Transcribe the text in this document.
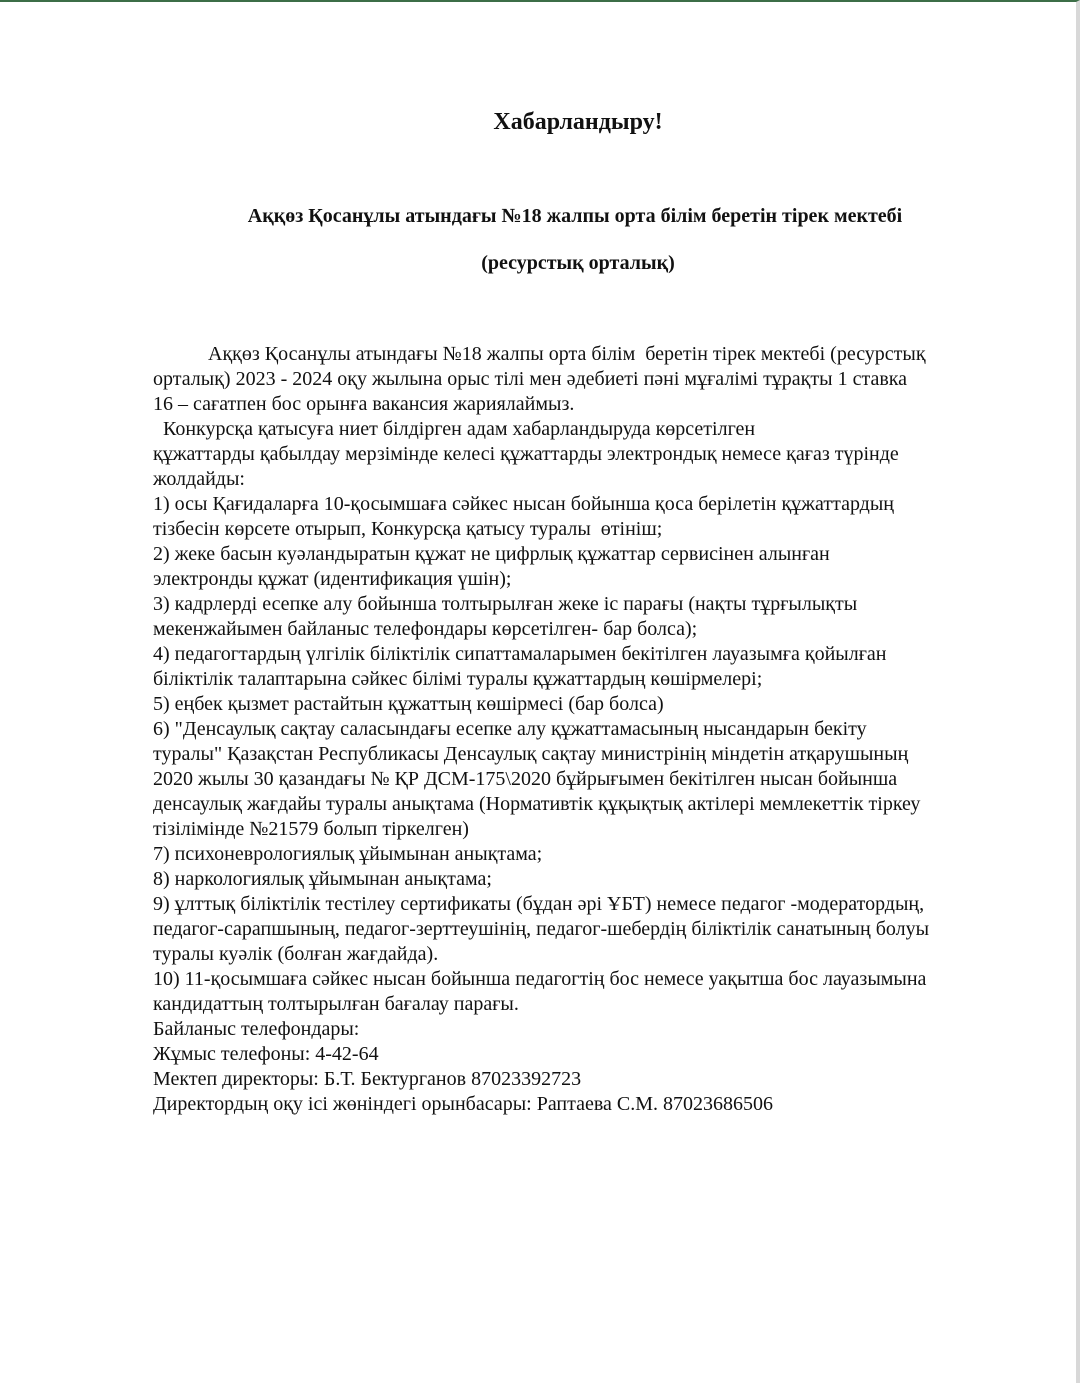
Хабарландыру!
Аққөз Қосанұлы атындағы №18 жалпы орта білім беретін тірек мектебі
(ресурстық орталық)
Аққөз Қосанұлы атындағы №18 жалпы орта білім  беретін тірек мектебі (ресурстық
орталық) 2023 - 2024 оқу жылына орыс тілі мен әдебиеті пәні мұғалімі тұрақты 1 ставка
16 – сағатпен бос орынға вакансия жариялаймыз.
Конкурсқа қатысуға ниет білдірген адам хабарландыруда көрсетілген
құжаттарды қабылдау мерзімінде келесі құжаттарды электрондық немесе қағаз түрінде
жолдайды:
1) осы Қағидаларға 10-қосымшаға сәйкес нысан бойынша қоса берілетін құжаттардың
тізбесін көрсете отырып, Конкурсқа қатысу туралы  өтініш;
2) жеке басын куәландыратын құжат не цифрлық құжаттар сервисінен алынған
электронды құжат (идентификация үшін);
3) кадрлерді есепке алу бойынша толтырылған жеке іс парағы (нақты тұрғылықты
мекенжайымен байланыс телефондары көрсетілген- бар болса);
4) педагогтардың үлгілік біліктілік сипаттамаларымен бекітілген лауазымға қойылған
біліктілік талаптарына сәйкес білімі туралы құжаттардың көшірмелері;
5) еңбек қызмет растайтын құжаттың көшірмесі (бар болса)
6) "Денсаулық сақтау саласындағы есепке алу құжаттамасының нысандарын бекіту
туралы" Қазақстан Республикасы Денсаулық сақтау министрінің міндетін атқарушының
2020 жылы 30 қазандағы № ҚР ДСМ-175\2020 бұйрығымен бекітілген нысан бойынша
денсаулық жағдайы туралы анықтама (Нормативтік құқықтық актілері мемлекеттік тіркеу
тізілімінде №21579 болып тіркелген)
7) психоневрологиялық ұйымынан анықтама;
8) наркологиялық ұйымынан анықтама;
9) ұлттық біліктілік тестілеу сертификаты (бұдан әрі ҰБТ) немесе педагог -модератордың,
педагог-сарапшының, педагог-зерттеушінің, педагог-шебердің біліктілік санатының болуы
туралы куәлік (болған жағдайда).
10) 11-қосымшаға сәйкес нысан бойынша педагогтің бос немесе уақытша бос лауазымына
кандидаттың толтырылған бағалау парағы.
Байланыс телефондары:
Жұмыс телефоны: 4-42-64
Мектеп директоры: Б.Т. Бектурганов 87023392723
Директордың оқу ісі жөніндегі орынбасары: Раптаева С.М. 87023686506
